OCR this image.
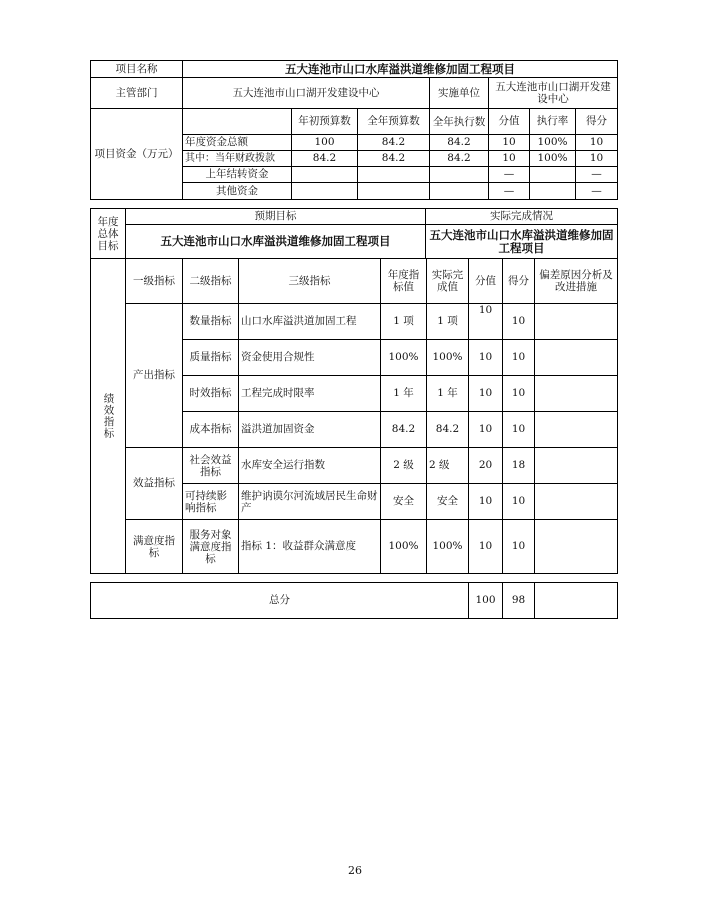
项目名称	五大连池市山口水库溢洪道维修加固工程项目						
主管部门	五大连池市山口湖开发建设中心			实施单位	五大连池市山口湖开发建设中心		
项目资金（万元）		年初预算数	全年预算数	全年执行数	分值	执行率	得分
	年度资金总额	100	84.2	84.2	10	100%	10
	其中：当年财政拨款	84.2	84.2	84.2	10	100%	10
	上年结转资金				—		—
	其他资金				—		—
年度总体目标	预期目标	实际完成情况
	五大连池市山口水库溢洪道维修加固工程项目	五大连池市山口水库溢洪道维修加固工程项目
绩效指标	一级指标	二级指标	三级指标	年度指标值	实际完成值	分值	得分	偏差原因分析及改进措施
	产出指标	数量指标	山口水库溢洪道加固工程	1 项	1 项	10	10	
		质量指标	资金使用合规性	100%	100%	10	10	
		时效指标	工程完成时限率	1 年	1 年	10	10	
		成本指标	溢洪道加固资金	84.2	84.2	10	10	
	效益指标	社会效益指标	水库安全运行指数	2 级	2 级	20	18	
		可持续影响指标	维护讷谟尔河流域居民生命财产	安全	安全	10	10	
	满意度指标	服务对象满意度指标	指标 1：收益群众满意度	100%	100%	10	10	
总分	100	98	
26
